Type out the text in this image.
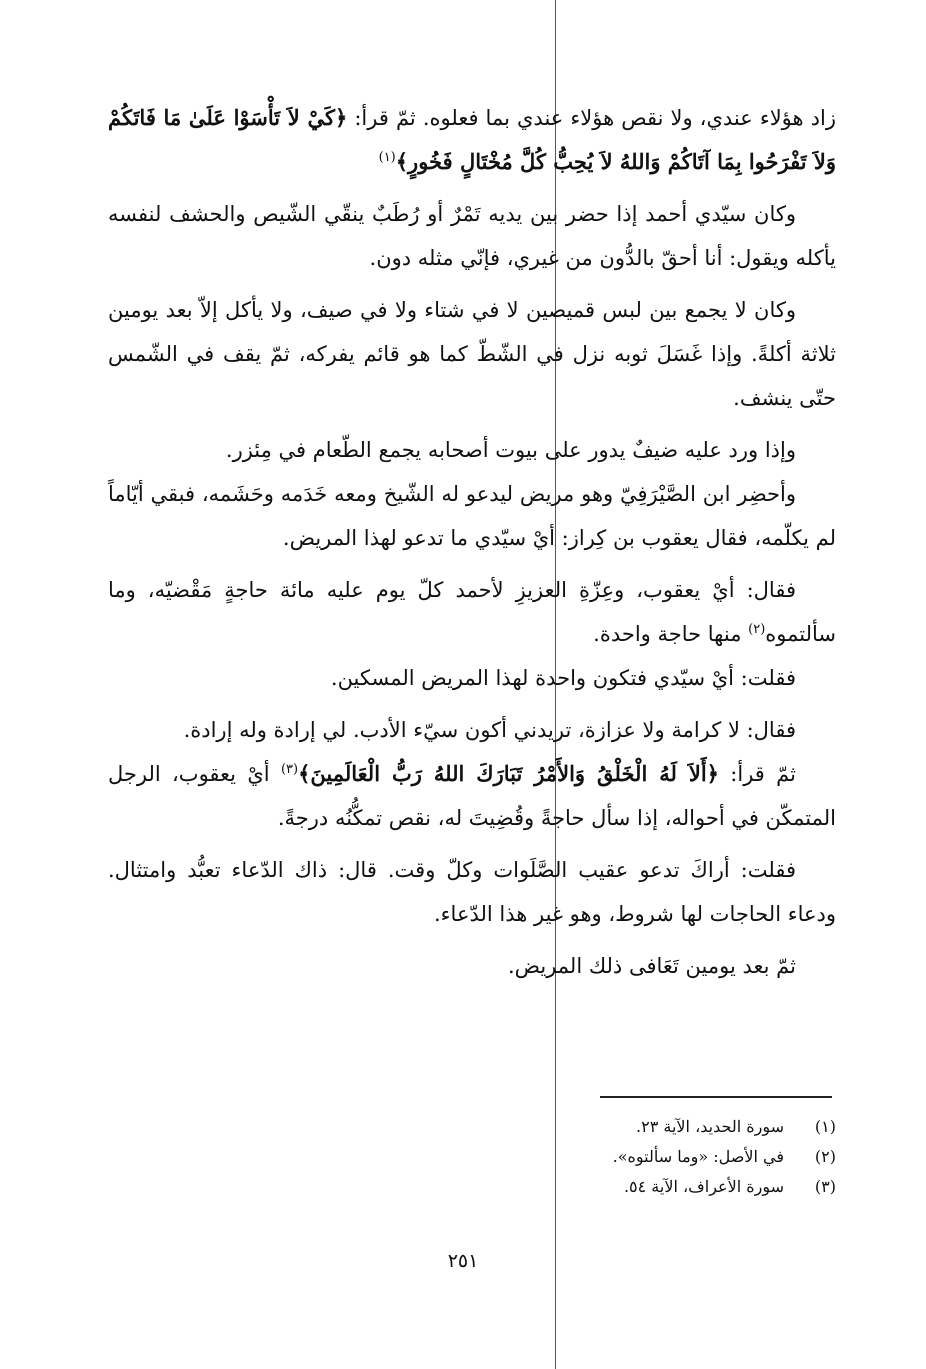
زاد هؤلاء عندي، ولا نقص هؤلاء عندي بما فعلوه. ثمّ قرأ: ﴿كَيْ لاَ تَأْسَوْا عَلَىٰ مَا فَاتَكُمْ وَلاَ تَفْرَحُوا بِمَا آتَاكُمْ وَاللهُ لاَ يُحِبُّ كُلَّ مُخْتَالٍ فَخُورٍ﴾$^{(١)}$

وكان سيّدي أحمد إذا حضر بين يديه تَمْرٌ أو رُطَبٌ ينقّي الشّيص والحشف لنفسه يأكله ويقول: أنا أحقّ بالدُّون من غيري، فإنّي مثله دون.

وكان لا يجمع بين لبس قميصين لا في شتاء ولا في صيف، ولا يأكل إلاّ بعد يومين ثلاثة أكلةً. وإذا غَسَلَ ثوبه نزل في الشّطّ كما هو قائم يفركه، ثمّ يقف في الشّمس حتّى ينشف.

وإذا ورد عليه ضيفٌ يدور على بيوت أصحابه يجمع الطّعام في مِئزر.

وأحضِر ابن الصَّيْرَفِيّ وهو مريض ليدعو له الشّيخ ومعه خَدَمه وحَشَمه، فبقي أيّاماً لم يكلّمه، فقال يعقوب بن كِراز: أيْ سيّدي ما تدعو لهذا المريض.

فقال: أيْ يعقوب، وعِزّةِ العزيزِ لأحمد كلّ يوم عليه مائة حاجةٍ مَقْضيّه، وما سألتموه$^{(٢)}$ منها حاجة واحدة.

فقلت: أيْ سيّدي فتكون واحدة لهذا المريض المسكين.

فقال: لا كرامة ولا عزازة، تريدني أكون سيّء الأدب. لي إرادة وله إرادة.

ثمّ قرأ: ﴿أَلاَ لَهُ الْخَلْقُ وَالأَمْرُ تَبَارَكَ اللهُ رَبُّ الْعَالَمِينَ﴾$^{(٣)}$ أيْ يعقوب، الرجل المتمكّن في أحواله، إذا سأل حاجةً وقُضِيتَ له، نقص تمكُّنُه درجةً.

فقلت: أراكَ تدعو عقيب الصَّلَوات وكلّ وقت. قال: ذاك الدّعاء تعبُّد وامتثال. ودعاء الحاجات لها شروط، وهو غير هذا الدّعاء.

ثمّ بعد يومين تَعَافى ذلك المريض.

(١)
سورة الحديد، الآية ٢٣.
(٢)
في الأصل: «وما سألتوه».
(٣)
سورة الأعراف، الآية ٥٤.
٢٥١
